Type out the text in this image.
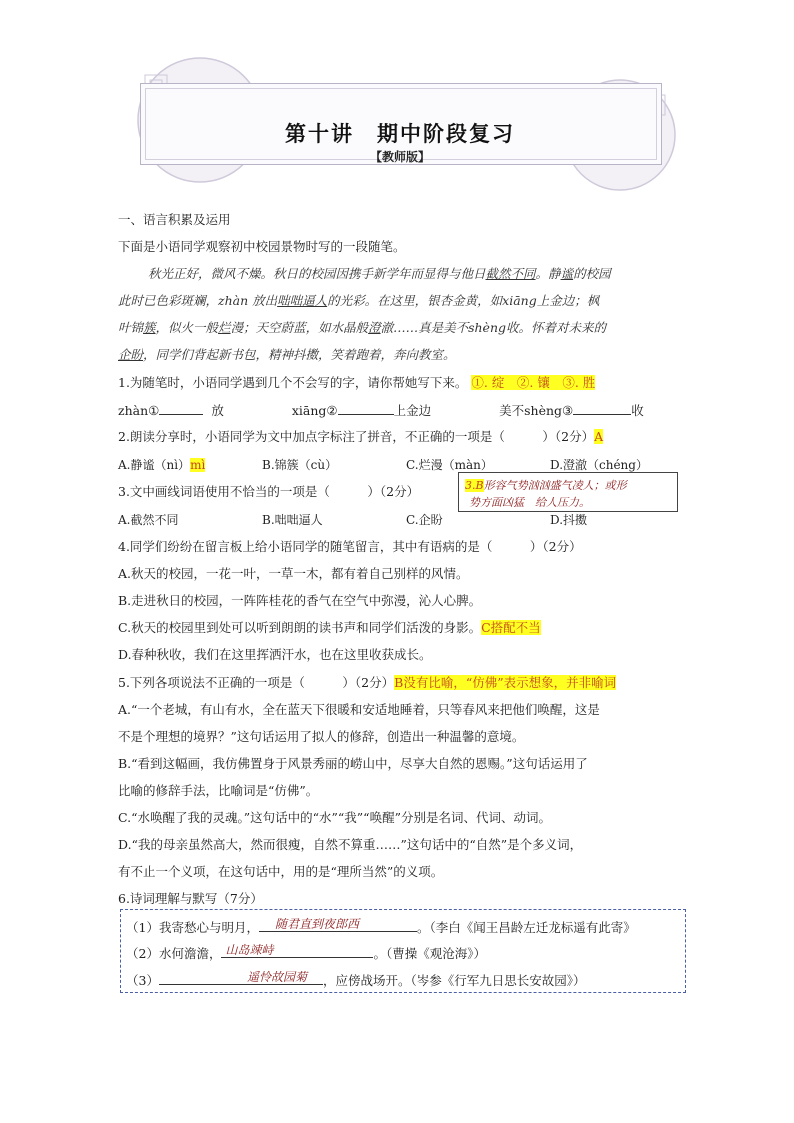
第十讲　期中阶段复习
【教师版】
一、语言积累及运用
下面是小语同学观察初中校园景物时写的一段随笔。
秋光正好，微风不燥。秋日的校园因携手新学年而显得与他日截然不同。静谧的校园
此时已色彩斑斓，zhàn 放出咄咄逼人的光彩。在这里，银杏金黄，如xiāng上金边；枫
叶锦簇，似火一般烂漫；天空蔚蓝，如水晶般澄澈……真是美不shèng收。怀着对未来的
企盼，同学们背起新书包，精神抖擞，笑着跑着，奔向教室。
1.为随笔时，小语同学遇到几个不会写的字，请你帮她写下来。 ①. 绽　②. 镶　③. 胜
zhàn①	放	xiāng②	上金边	美不shèng③	收
2.朗读分享时，小语同学为文中加点字标注了拼音，不正确的一项是（　　　）（2分）A
A.静谧（nì）mì	B.锦簇（cù）	C.烂漫（màn）	D.澄澈（chéng）
3.文中画线词语使用不恰当的一项是（　　　）（2分）	3.B形容气势汹汹盛气凌人；或形
势方面凶猛　给人压力。
A.截然不同	B.咄咄逼人	C.企盼	D.抖擞
4.同学们纷纷在留言板上给小语同学的随笔留言，其中有语病的是（　　　）（2分）
A.秋天的校园，一花一叶，一草一木，都有着自己别样的风情。
B.走进秋日的校园，一阵阵桂花的香气在空气中弥漫，沁人心脾。
C.秋天的校园里到处可以听到朗朗的读书声和同学们活泼的身影。C搭配不当
D.春种秋收，我们在这里挥洒汗水，也在这里收获成长。
5.下列各项说法不正确的一项是（　　　）（2分）B没有比喻，“仿佛”表示想象，并非喻词
A.“一个老城，有山有水，全在蓝天下很暖和安适地睡着，只等春风来把他们唤醒，这是
不是个理想的境界？”这句话运用了拟人的修辞，创造出一种温馨的意境。
B.“看到这幅画，我仿佛置身于风景秀丽的崂山中，尽享大自然的恩赐。”这句话运用了
比喻的修辞手法，比喻词是“仿佛”。
C.“水唤醒了我的灵魂。”这句话中的“水”“我”“唤醒”分别是名词、代词、动词。
D.“我的母亲虽然高大，然而很瘦，自然不算重……”这句话中的“自然”是个多义词，
有不止一个义项，在这句话中，用的是“理所当然”的义项。
6.诗词理解与默写（7分）
（1）我寄愁心与明月， 随君直到夜郎西	。（李白《闻王昌龄左迁龙标遥有此寄》
（2）水何澹澹， 山岛竦峙	。（曹操《观沧海》）
（3）	遥怜故园菊 ，应傍战场开。（岑参《行军九日思长安故园》）
